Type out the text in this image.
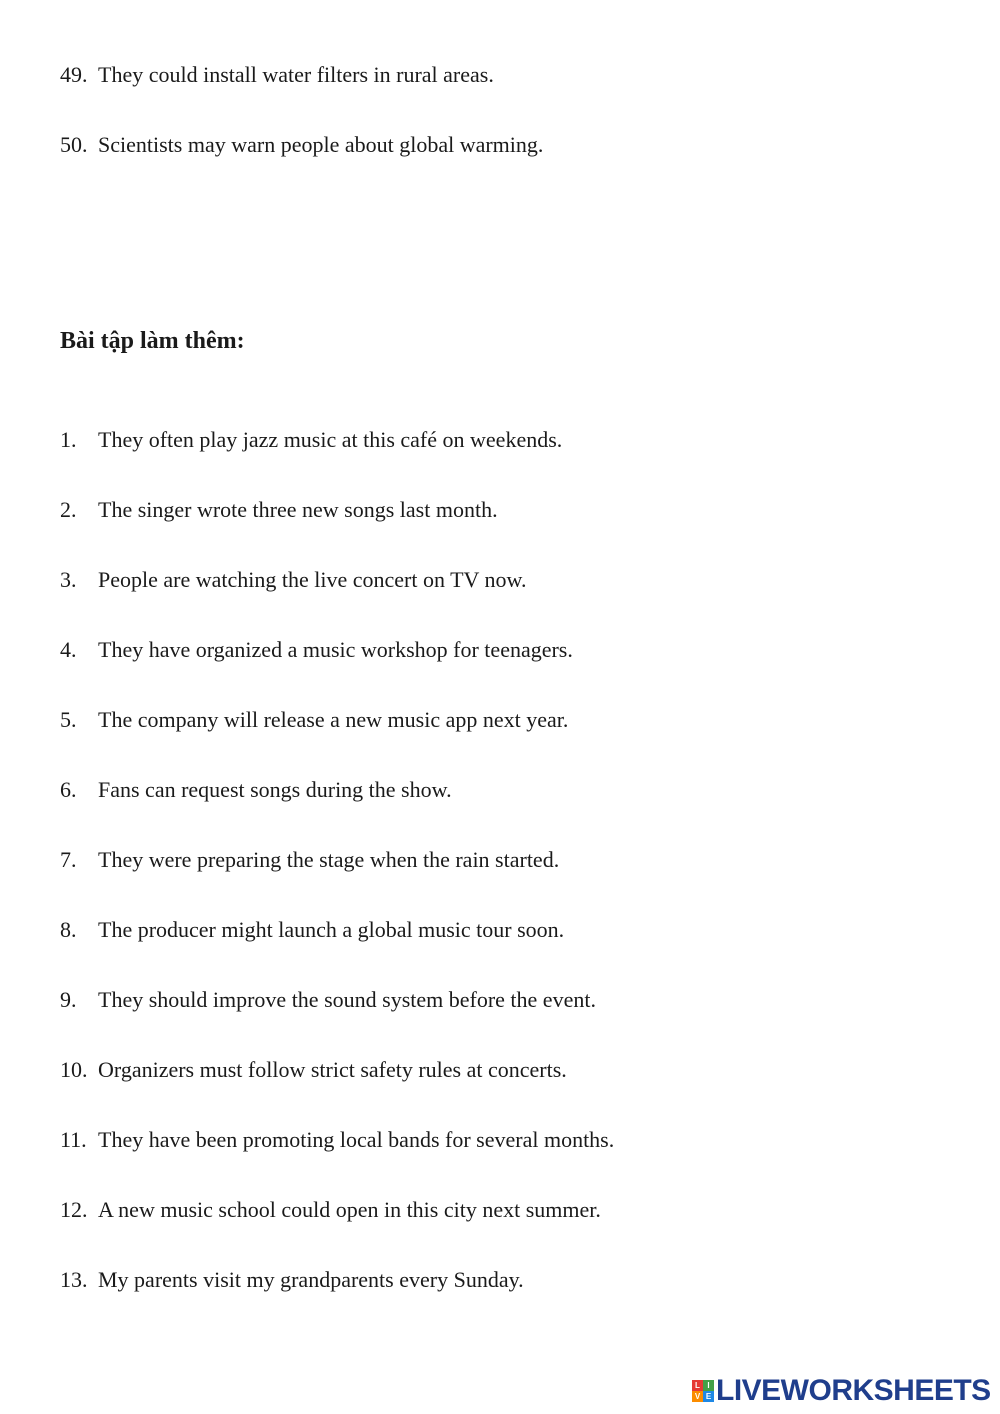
49. They could install water filters in rural areas.
50. Scientists may warn people about global warming.
Bài tập làm thêm:
1. They often play jazz music at this café on weekends.
2. The singer wrote three new songs last month.
3. People are watching the live concert on TV now.
4. They have organized a music workshop for teenagers.
5. The company will release a new music app next year.
6. Fans can request songs during the show.
7. They were preparing the stage when the rain started.
8. The producer might launch a global music tour soon.
9. They should improve the sound system before the event.
10. Organizers must follow strict safety rules at concerts.
11. They have been promoting local bands for several months.
12. A new music school could open in this city next summer.
13. My parents visit my grandparents every Sunday.
L I
V E LIVEWORKSHEETS
